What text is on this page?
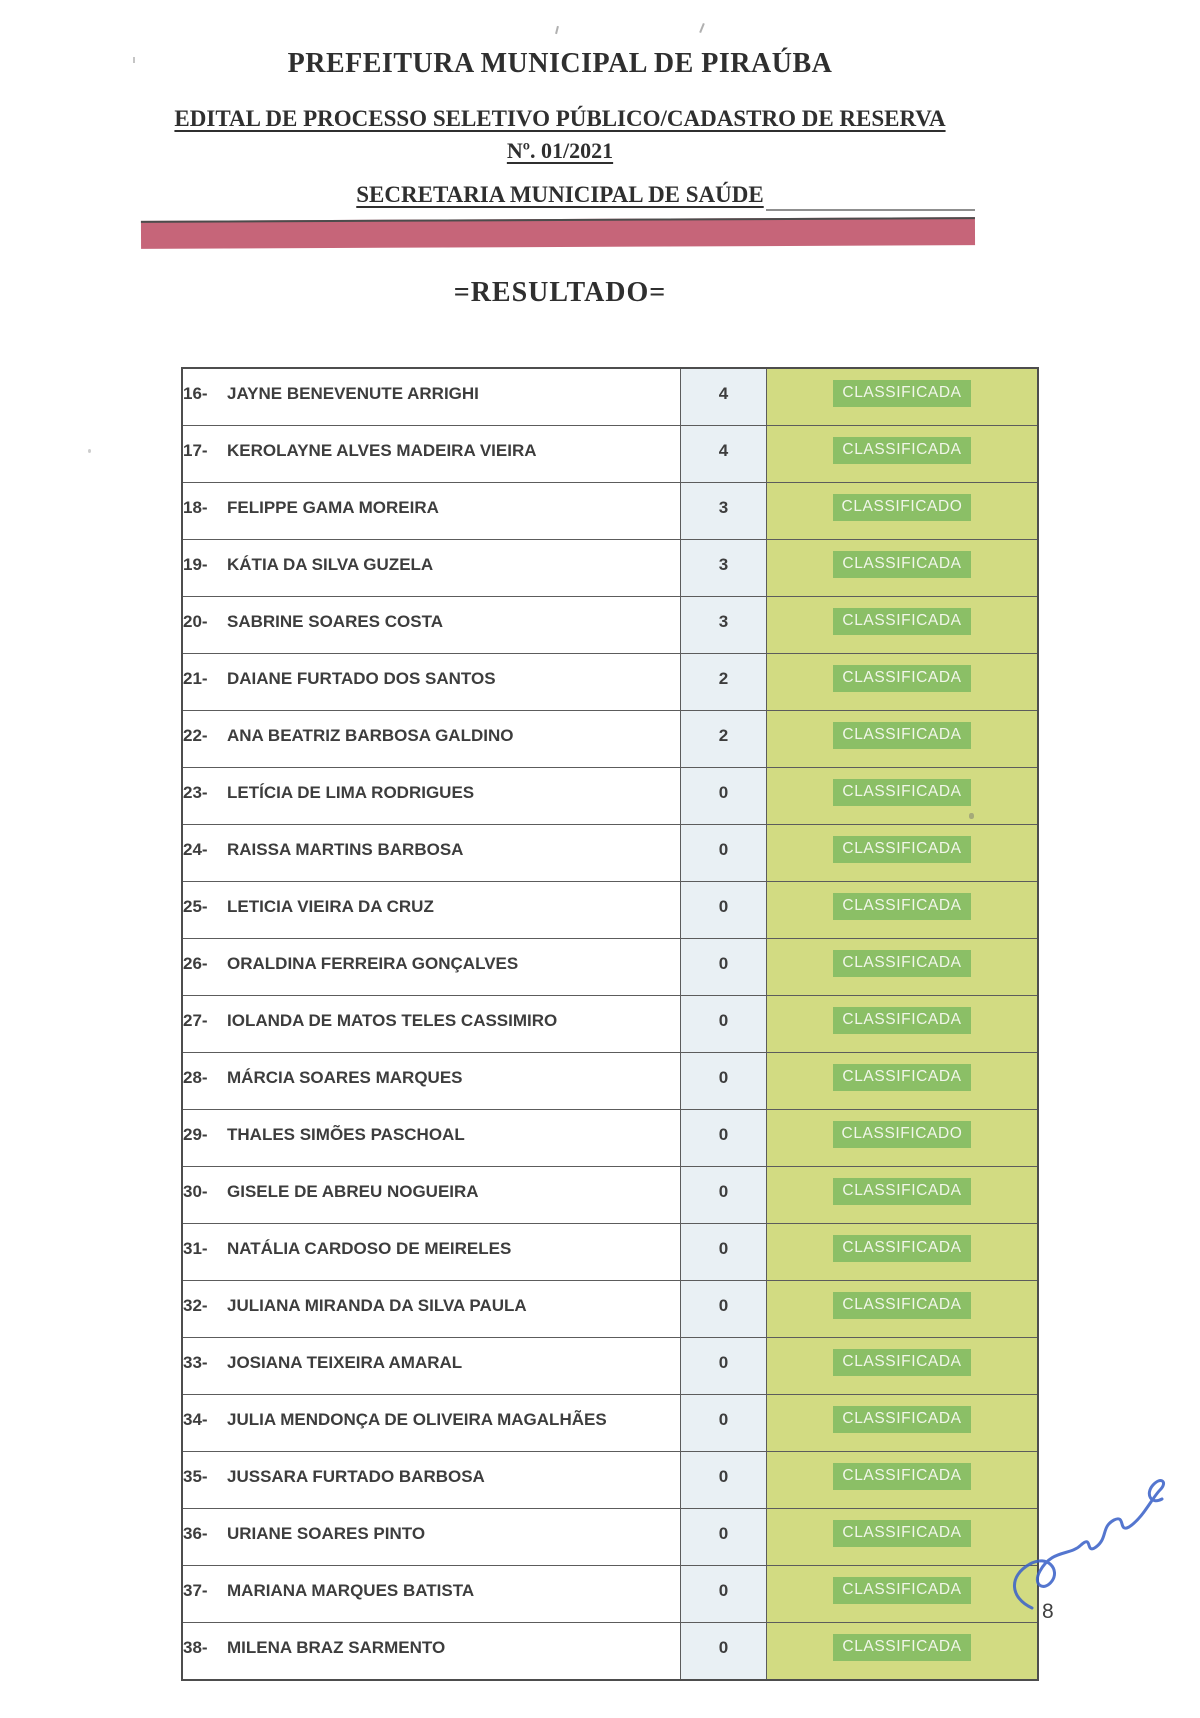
PREFEITURA MUNICIPAL DE PIRAÚBA
EDITAL DE PROCESSO SELETIVO PÚBLICO/CADASTRO DE RESERVA
Nº. 01/2021
SECRETARIA MUNICIPAL DE SAÚDE
=RESULTADO=
16- JAYNE BENEVENUTE ARRIGHI	4	CLASSIFICADA
17- KEROLAYNE ALVES MADEIRA VIEIRA	4	CLASSIFICADA
18- FELIPPE GAMA MOREIRA	3	CLASSIFICADO
19- KÁTIA DA SILVA GUZELA	3	CLASSIFICADA
20- SABRINE SOARES COSTA	3	CLASSIFICADA
21- DAIANE FURTADO DOS SANTOS	2	CLASSIFICADA
22- ANA BEATRIZ BARBOSA GALDINO	2	CLASSIFICADA
23- LETÍCIA DE LIMA RODRIGUES	0	CLASSIFICADA
24- RAISSA MARTINS BARBOSA	0	CLASSIFICADA
25- LETICIA VIEIRA DA CRUZ	0	CLASSIFICADA
26- ORALDINA FERREIRA GONÇALVES	0	CLASSIFICADA
27- IOLANDA DE MATOS TELES CASSIMIRO	0	CLASSIFICADA
28- MÁRCIA SOARES MARQUES	0	CLASSIFICADA
29- THALES SIMÕES PASCHOAL	0	CLASSIFICADO
30- GISELE DE ABREU NOGUEIRA	0	CLASSIFICADA
31- NATÁLIA CARDOSO DE MEIRELES	0	CLASSIFICADA
32- JULIANA MIRANDA DA SILVA PAULA	0	CLASSIFICADA
33- JOSIANA TEIXEIRA AMARAL	0	CLASSIFICADA
34- JULIA MENDONÇA DE OLIVEIRA MAGALHÃES	0	CLASSIFICADA
35- JUSSARA FURTADO BARBOSA	0	CLASSIFICADA
36- URIANE SOARES PINTO	0	CLASSIFICADA
37- MARIANA MARQUES BATISTA	0	CLASSIFICADA
38- MILENA BRAZ SARMENTO	0	CLASSIFICADA
8
